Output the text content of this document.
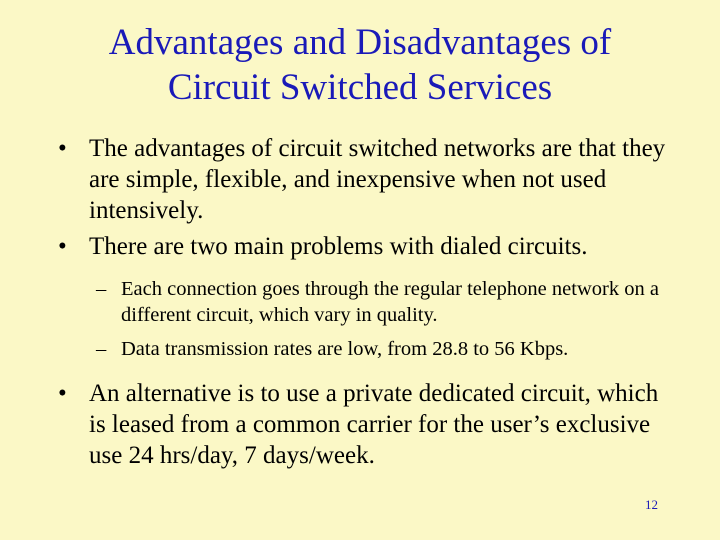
Advantages and Disadvantages of
Circuit Switched Services
• The advantages of circuit switched networks are that they are simple, flexible, and inexpensive when not used intensively.
• There are two main problems with dialed circuits.
– Each connection goes through the regular telephone network on a different circuit, which vary in quality.
– Data transmission rates are low, from 28.8 to 56 Kbps.
• An alternative is to use a private dedicated circuit, which is leased from a common carrier for the user’s exclusive use 24 hrs/day, 7 days/week.
12
